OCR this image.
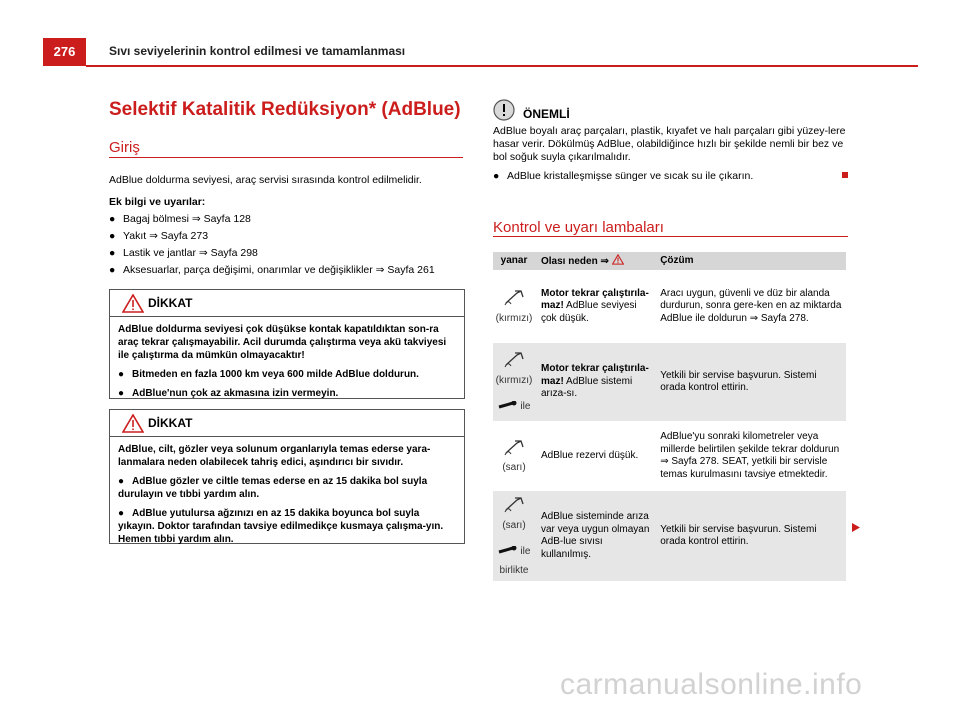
276	Sıvı seviyelerinin kontrol edilmesi ve tamamlanması
Selektif Katalitik Redüksiyon* (AdBlue)
Giriş
AdBlue doldurma seviyesi, araç servisi sırasında kontrol edilmelidir.
Ek bilgi ve uyarılar:
● Bagaj bölmesi ⇒ Sayfa 128
● Yakıt ⇒ Sayfa 273
● Lastik ve jantlar ⇒ Sayfa 298
● Aksesuarlar, parça değişimi, onarımlar ve değişiklikler ⇒ Sayfa 261
DİKKAT

AdBlue doldurma seviyesi çok düşükse kontak kapatıldıktan son-ra araç tekrar çalışmayabilir. Acil durumda çalıştırma veya akü takviyesi ile çalıştırma da mümkün olmayacaktır!

● Bitmeden en fazla 1000 km veya 600 milde AdBlue doldurun.

● AdBlue'nun çok az akmasına izin vermeyin.

DİKKAT

AdBlue, cilt, gözler veya solunum organlarıyla temas ederse yara-lanmalara neden olabilecek tahriş edici, aşındırıcı bir sıvıdır.

● AdBlue gözler ve ciltle temas ederse en az 15 dakika bol suyla durulayın ve tıbbi yardım alın.

● AdBlue yutulursa ağzınızı en az 15 dakika boyunca bol suyla yıkayın. Doktor tarafından tavsiye edilmedikçe kusmaya çalışma-yın. Hemen tıbbi yardım alın.

ÖNEMLİ
AdBlue boyalı araç parçaları, plastik, kıyafet ve halı parçaları gibi yüzey-lere hasar verir. Dökülmüş AdBlue, olabildiğince hızlı bir şekilde nemli bir bez ve bol soğuk suyla çıkarılmalıdır.
● AdBlue kristalleşmişse sünger ve sıcak su ile çıkarın.
Kontrol ve uyarı lambaları
yanar	Olası neden ⇒	Çözüm

(kırmızı)	Motor tekrar çalıştırıla-maz! AdBlue seviyesi çok düşük.	Aracı uygun, güvenli ve düz bir alanda durdurun, sonra gere-ken en az miktarda AdBlue ile doldurun ⇒ Sayfa 278.

(kırmızı)
ile	Motor tekrar çalıştırıla-maz! AdBlue sistemi arıza-sı.	Yetkili bir servise başvurun. Sistemi orada kontrol ettirin.

(sarı)	AdBlue rezervi düşük.	AdBlue'yu sonraki kilometreler veya millerde belirtilen şekilde tekrar doldurun ⇒ Sayfa 278. SEAT, yetkili bir servisle temas kurulmasını tavsiye etmektedir.

(sarı)
ile
birlikte	AdBlue sisteminde arıza var veya uygun olmayan AdB-lue sıvısı kullanılmış.	Yetkili bir servise başvurun. Sistemi orada kontrol ettirin.
carmanualsonline.info
